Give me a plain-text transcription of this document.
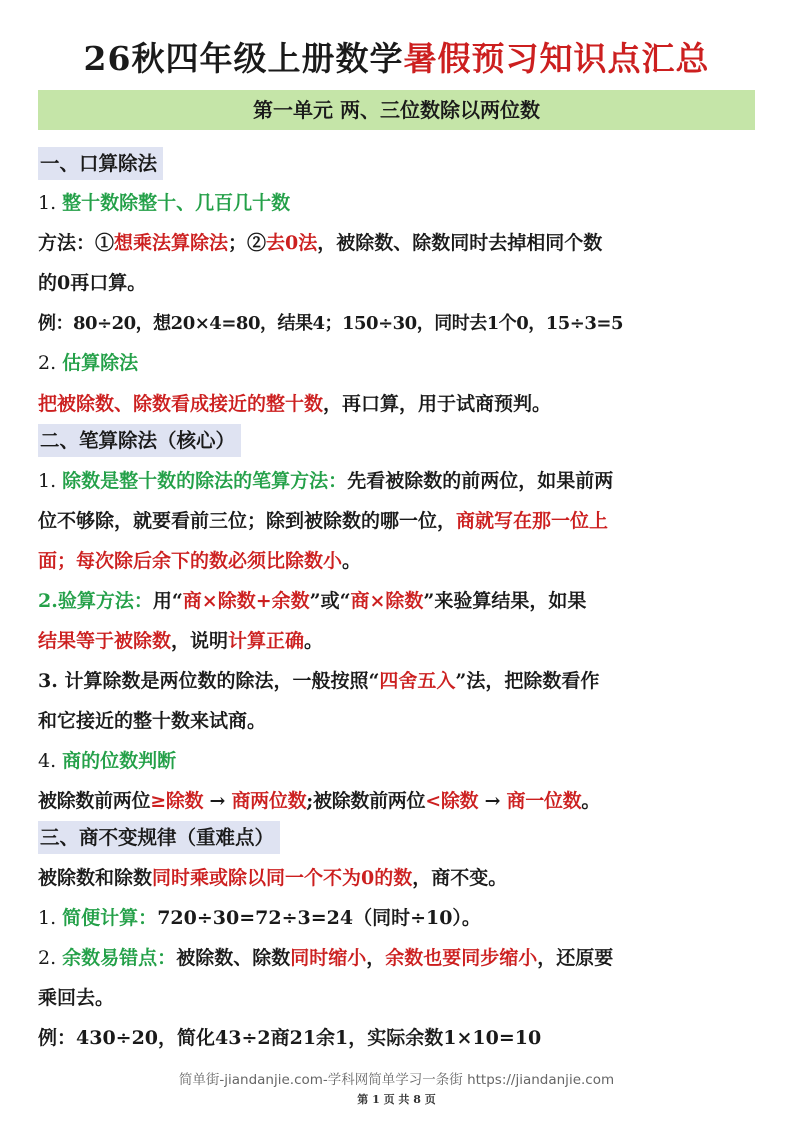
26秋四年级上册数学暑假预习知识点汇总
第一单元 两、三位数除以两位数
一、口算除法
1. 整十数除整十、几百几十数
方法：①想乘法算除法；②去0法，被除数、除数同时去掉相同个数
的0再口算。
例：80÷20，想20×4=80，结果4；150÷30，同时去1个0，15÷3=5
2. 估算除法
把被除数、除数看成接近的整十数，再口算，用于试商预判。
二、笔算除法（核心）
1. 除数是整十数的除法的笔算方法：先看被除数的前两位，如果前两
位不够除，就要看前三位；除到被除数的哪一位，商就写在那一位上
面；每次除后余下的数必须比除数小。
2.验算方法：用“商×除数+余数”或“商×除数”来验算结果，如果
结果等于被除数，说明计算正确。
3. 计算除数是两位数的除法，一般按照“四舍五入”法，把除数看作
和它接近的整十数来试商。
4. 商的位数判断
被除数前两位≥除数 → 商两位数;被除数前两位<除数 → 商一位数。
三、商不变规律（重难点）
被除数和除数同时乘或除以同一个不为0的数，商不变。
1. 简便计算：720÷30=72÷3=24（同时÷10）。
2. 余数易错点：被除数、除数同时缩小，余数也要同步缩小，还原要
乘回去。
例：430÷20，简化43÷2商21余1，实际余数1×10=10
简单街-jiandanjie.com-学科网简单学习一条街 https://jiandanjie.com
第 1 页 共 8 页
